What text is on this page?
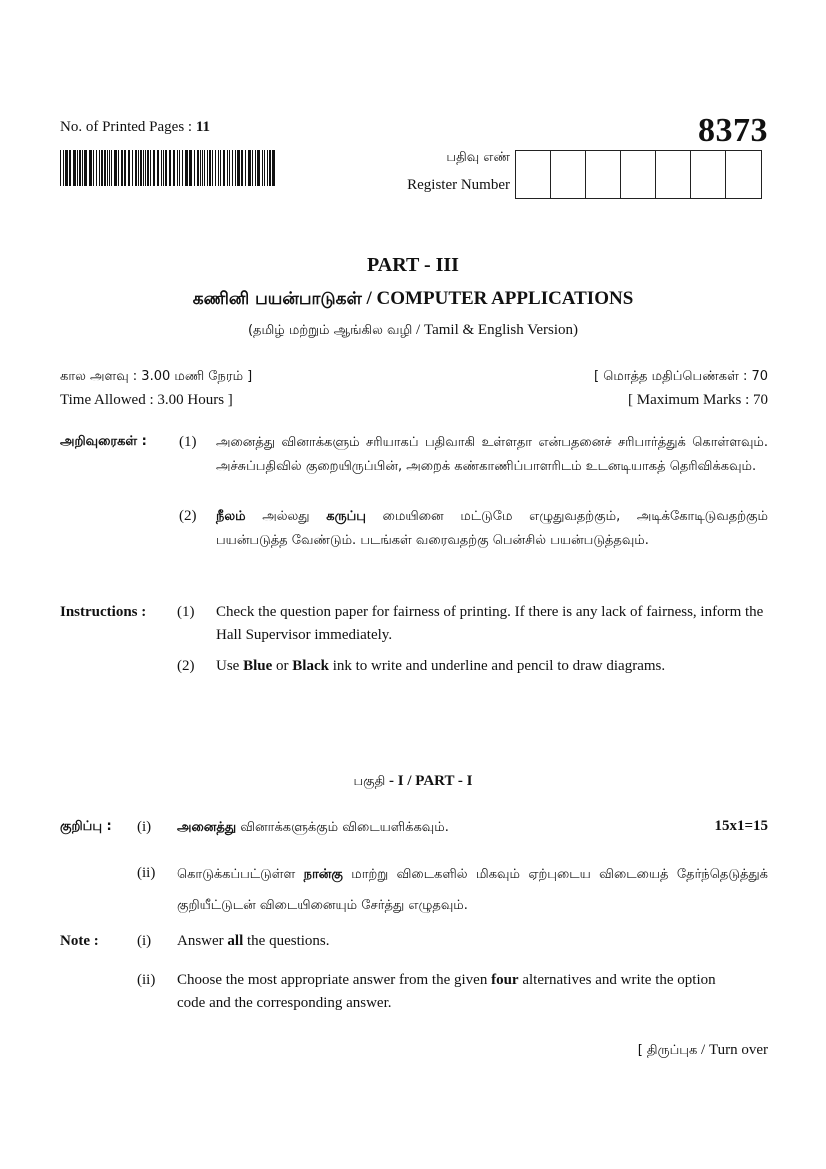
No. of Printed Pages : 11	8373
பதிவு எண்
Register Number
PART - III
கணினி பயன்பாடுகள் / COMPUTER APPLICATIONS
(தமிழ் மற்றும் ஆங்கில வழி / Tamil & English Version)
கால அளவு : 3.00 மணி நேரம் ]
Time Allowed : 3.00 Hours ]
[ மொத்த மதிப்பெண்கள் : 70
[ Maximum Marks : 70
அறிவுரைகள் : (1) அனைத்து வினாக்களும் சரியாகப் பதிவாகி உள்ளதா என்பதனைச் சரிபார்த்துக் கொள்ளவும். அச்சுப்பதிவில் குறையிருப்பின், அறைக் கண்காணிப்பாளரிடம் உடனடியாகத் தெரிவிக்கவும்.
(2) நீலம் அல்லது கருப்பு மையினை மட்டுமே எழுதுவதற்கும், அடிக்கோடிடுவதற்கும் பயன்படுத்த வேண்டும். படங்கள் வரைவதற்கு பென்சில் பயன்படுத்தவும்.
Instructions : (1) Check the question paper for fairness of printing. If there is any lack of fairness, inform the Hall Supervisor immediately.
(2) Use Blue or Black ink to write and underline and pencil to draw diagrams.
பகுதி - I / PART - I
குறிப்பு : (i) அனைத்து வினாக்களுக்கும் விடையளிக்கவும்.	15x1=15
(ii) கொடுக்கப்பட்டுள்ள நான்கு மாற்று விடைகளில் மிகவும் ஏற்புடைய விடையைத் தேர்ந்தெடுத்துக் குறியீட்டுடன் விடையினையும் சேர்த்து எழுதவும்.
Note :	(i) Answer all the questions.
(ii) Choose the most appropriate answer from the given four alternatives and write the option code and the corresponding answer.
[ திருப்புக / Turn over
